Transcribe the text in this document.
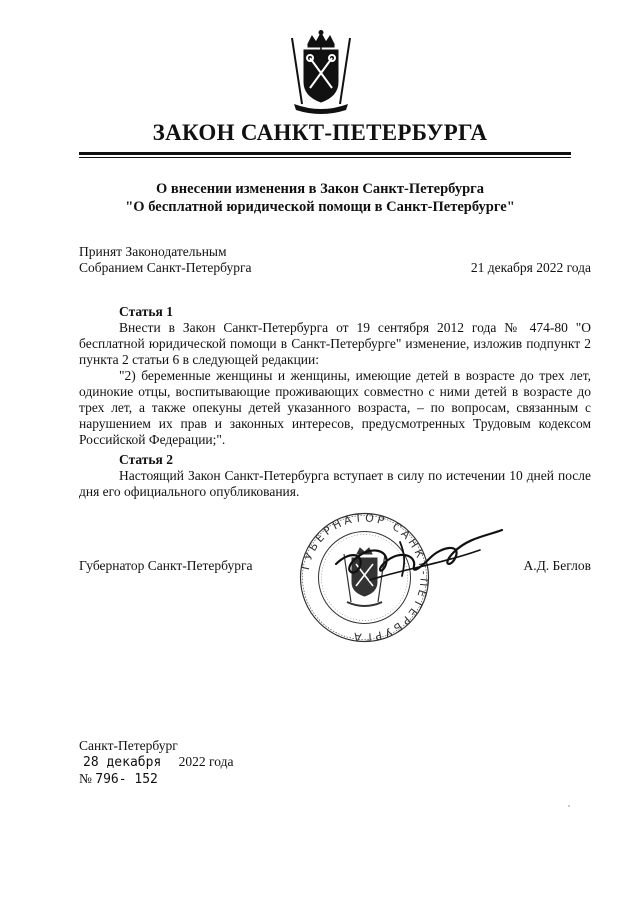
ЗАКОН САНКТ-ПЕТЕРБУРГА
О внесении изменения в Закон Санкт-Петербурга
"О бесплатной юридической помощи в Санкт-Петербурге"
Принят Законодательным
Собранием Санкт-Петербурга	21 декабря 2022 года
Статья 1

Внести в Закон Санкт-Петербурга от 19 сентября 2012 года № 474-80 "О бесплатной юридической помощи в Санкт-Петербурге" изменение, изложив подпункт 2 пункта 2 статьи 6 в следующей редакции:

"2) беременные женщины и женщины, имеющие детей в возрасте до трех лет, одинокие отцы, воспитывающие проживающих совместно с ними детей в возрасте до трех лет, а также опекуны детей указанного возраста, – по вопросам, связанным с нарушением их прав и законных интересов, предусмотренных Трудовым кодексом Российской Федерации;".

Статья 2

Настоящий Закон Санкт-Петербурга вступает в силу по истечении 10 дней после дня его официального опубликования.

Губернатор Санкт-Петербурга	ГУБЕРНАТОР САНКТ-ПЕТЕРБУРГА
А.Д. Беглов
Санкт-Петербург
28 декабря 2022 года
№ 796- 152
